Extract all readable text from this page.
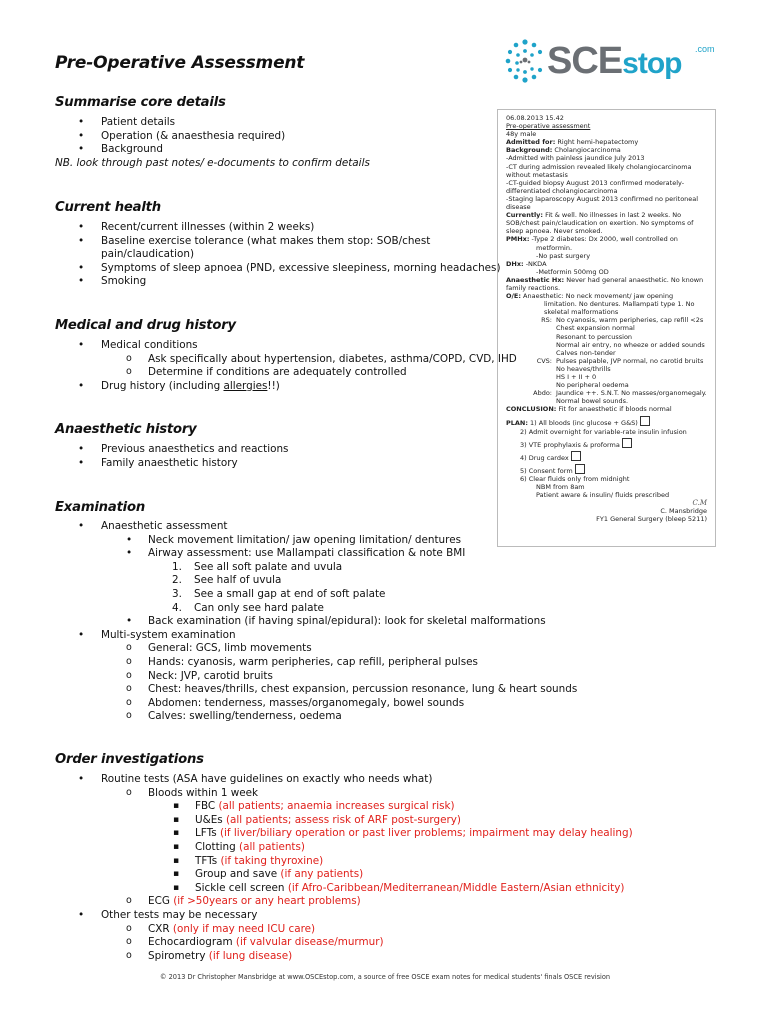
Pre-Operative Assessment	SCEstop .com
Summarise core details
• Patient details
• Operation (& anaesthesia required)
• Background
NB. look through past notes/ e-documents to confirm details
Current health
• Recent/current illnesses (within 2 weeks)
• Baseline exercise tolerance (what makes them stop: SOB/chest
pain/claudication)
• Symptoms of sleep apnoea (PND, excessive sleepiness, morning headaches)
• Smoking
Medical and drug history
• Medical conditions
o Ask specifically about hypertension, diabetes, asthma/COPD, CVD, IHD
o Determine if conditions are adequately controlled
• Drug history (including allergies!!)
Anaesthetic history
• Previous anaesthetics and reactions
• Family anaesthetic history
Examination
• Anaesthetic assessment
• Neck movement limitation/ jaw opening limitation/ dentures
• Airway assessment: use Mallampati classification & note BMI
1. See all soft palate and uvula
2. See half of uvula
3. See a small gap at end of soft palate
4. Can only see hard palate
• Back examination (if having spinal/epidural): look for skeletal malformations
• Multi-system examination
o General: GCS, limb movements
o Hands: cyanosis, warm peripheries, cap refill, peripheral pulses
o Neck: JVP, carotid bruits
o Chest: heaves/thrills, chest expansion, percussion resonance, lung & heart sounds
o Abdomen: tenderness, masses/organomegaly, bowel sounds
o Calves: swelling/tenderness, oedema
Order investigations
• Routine tests (ASA have guidelines on exactly who needs what)
o Bloods within 1 week
▪ FBC (all patients; anaemia increases surgical risk)
▪ U&Es (all patients; assess risk of ARF post-surgery)
▪ LFTs (if liver/biliary operation or past liver problems; impairment may delay healing)
▪ Clotting (all patients)
▪ TFTs (if taking thyroxine)
▪ Group and save (if any patients)
▪ Sickle cell screen (if Afro-Caribbean/Mediterranean/Middle Eastern/Asian ethnicity)
o ECG (if >50years or any heart problems)
• Other tests may be necessary
o CXR (only if may need ICU care)
o Echocardiogram (if valvular disease/murmur)
o Spirometry (if lung disease)

06.08.2013 15.42

Pre-operative assessment

48y male

Admitted for: Right hemi-hepatectomy

Background: Cholangiocarcinoma

-Admitted with painless jaundice July 2013

-CT during admission revealed likely cholangiocarcinoma

without metastasis

-CT-guided biopsy August 2013 confirmed moderately-

differentiated cholangiocarcinoma

-Staging laparoscopy August 2013 confirmed no peritoneal

disease

Currently: Fit & well. No illnesses in last 2 weeks. No

SOB/chest pain/claudication on exertion. No symptoms of

sleep apnoea. Never smoked.

PMHx: -Type 2 diabetes: Dx 2000, well controlled on

metformin.

-No past surgery

DHx: -NKDA

-Metformin 500mg OD

Anaesthetic Hx: Never had general anaesthetic. No known

family reactions.

O/E: Anaesthetic: No neck movement/ jaw opening

limitation. No dentures. Mallampati type 1. No

skeletal malformations

RS: No cyanosis, warm peripheries, cap refill <2s

Chest expansion normal

Resonant to percussion

Normal air entry, no wheeze or added sounds

Calves non-tender

CVS: Pulses palpable, JVP normal, no carotid bruits

No heaves/thrills

HS I + II + 0

No peripheral oedema

Abdo: Jaundice ++. S.N.T. No masses/organomegaly.

Normal bowel sounds.

CONCLUSION: Fit for anaesthetic if bloods normal

PLAN: 1) All bloods (inc glucose + G&S)

2) Admit overnight for variable-rate insulin infusion

3) VTE prophylaxis & proforma

4) Drug cardex

5) Consent form

6) Clear fluids only from midnight

NBM from 8am

Patient aware & insulin/ fluids prescribed

C.M

C. Mansbridge

FY1 General Surgery (bleep 5211)

© 2013 Dr Christopher Mansbridge at www.OSCEstop.com, a source of free OSCE exam notes for medical students' finals OSCE revision
